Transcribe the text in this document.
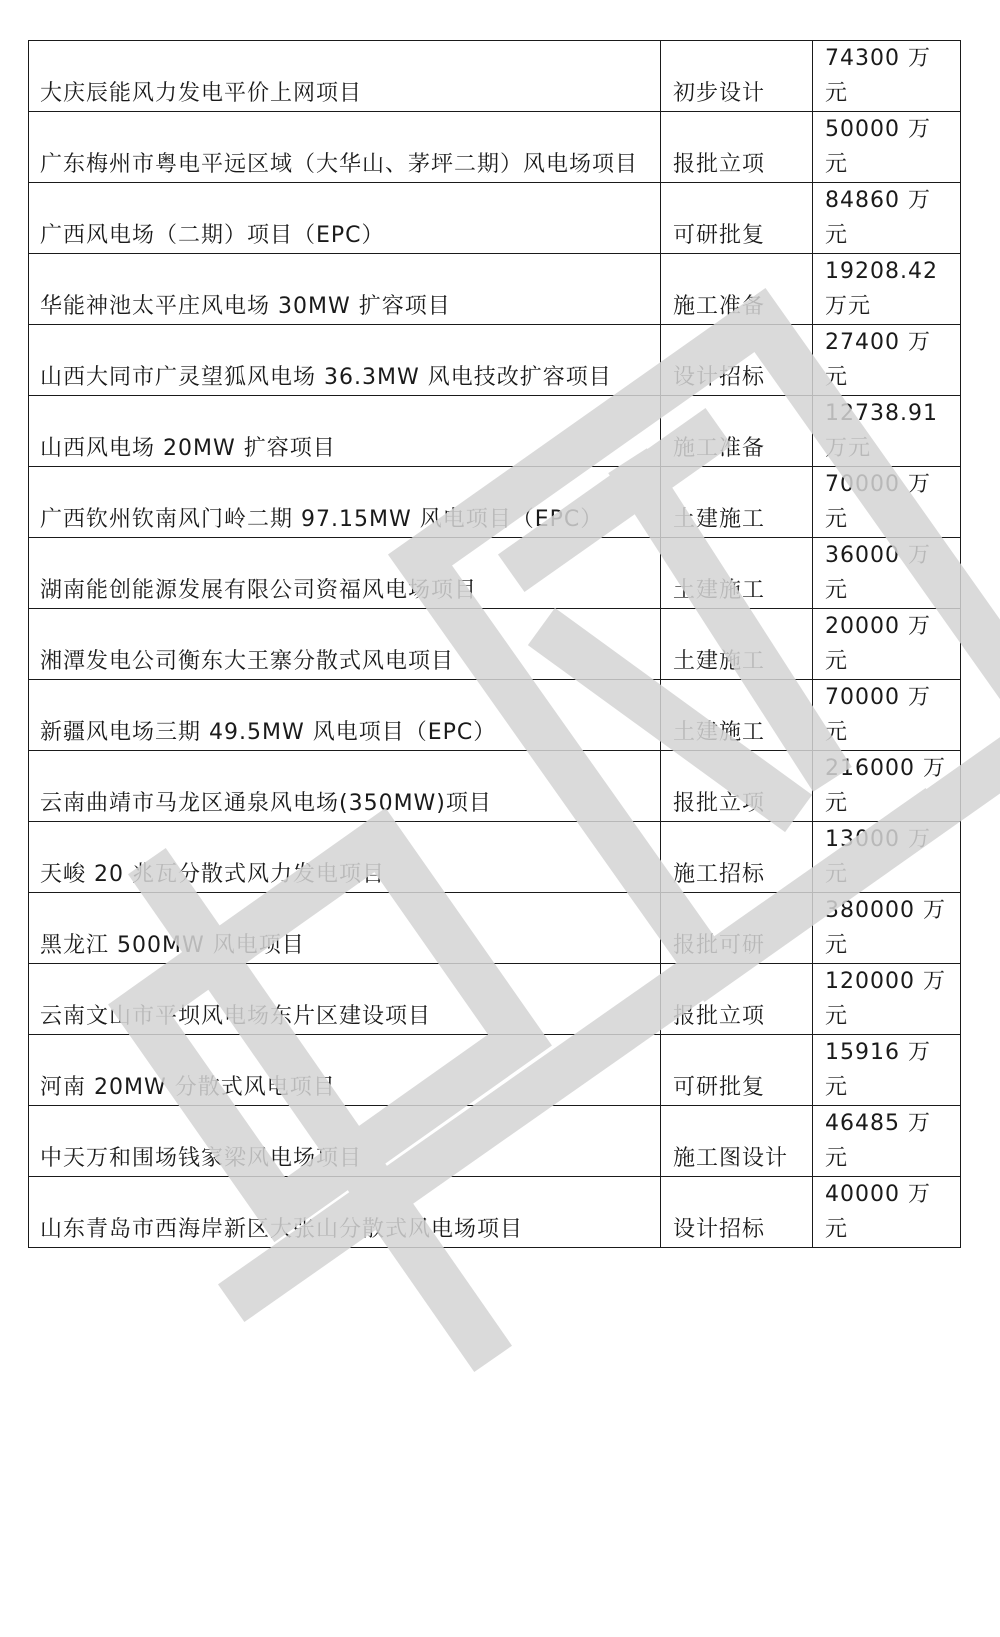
大庆辰能风力发电平价上网项目	初步设计	74300 万元
广东梅州市粤电平远区域（大华山、茅坪二期）风电场项目	报批立项	50000 万元
广西风电场（二期）项目（EPC）	可研批复	84860 万元
华能神池太平庄风电场 30MW 扩容项目	施工准备	19208.42 万元
山西大同市广灵望狐风电场 36.3MW 风电技改扩容项目	设计招标	27400 万元
山西风电场 20MW 扩容项目	施工准备	12738.91 万元
广西钦州钦南风门岭二期 97.15MW 风电项目（EPC）	土建施工	70000 万元
湖南能创能源发展有限公司资福风电场项目	土建施工	36000 万元
湘潭发电公司衡东大王寨分散式风电项目	土建施工	20000 万元
新疆风电场三期 49.5MW 风电项目（EPC）	土建施工	70000 万元
云南曲靖市马龙区通泉风电场(350MW)项目	报批立项	216000 万元
天峻 20 兆瓦分散式风力发电项目	施工招标	13000 万元
黑龙江 500MW 风电项目	报批可研	380000 万元
云南文山市平坝风电场东片区建设项目	报批立项	120000 万元
河南 20MW 分散式风电项目	可研批复	15916 万元
中天万和围场钱家梁风电场项目	施工图设计	46485 万元
山东青岛市西海岸新区大张山分散式风电场项目	设计招标	40000 万元
